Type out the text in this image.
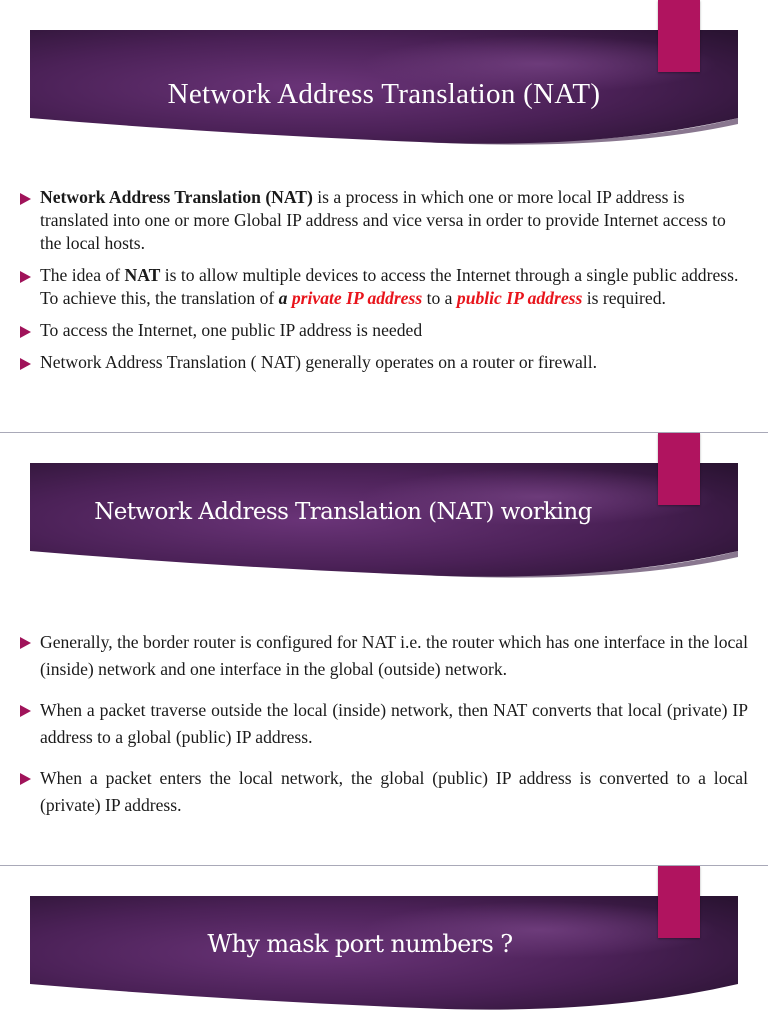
Network Address Translation (NAT)
Network Address Translation (NAT) is a process in which one or more local IP address is translated into one or more Global IP address and vice versa in order to provide Internet access to the local hosts.
The idea of NAT is to allow multiple devices to access the Internet through a single public address. To achieve this, the translation of a private IP address to a public IP address is required.
To access the Internet, one public IP address is needed
Network Address Translation ( NAT) generally operates on a router or firewall.
Network Address Translation (NAT) working
Generally, the border router is configured for NAT i.e. the router which has one interface in the local (inside) network and one interface in the global (outside) network.
When a packet traverse outside the local (inside) network, then NAT converts that local (private) IP address to a global (public) IP address.
When a packet enters the local network, the global (public) IP address is converted to a local (private) IP address.
Why mask port numbers ?
